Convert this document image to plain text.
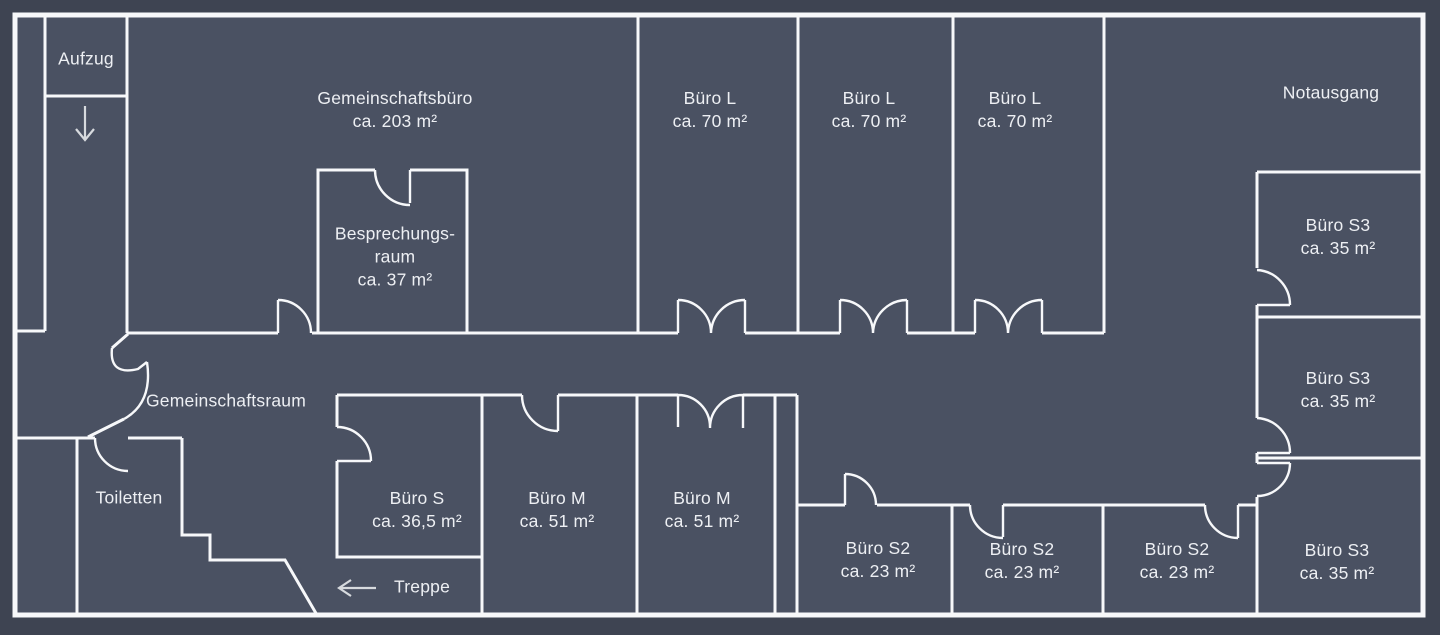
Aufzug
Gemeinschaftsbüro
ca. 203 m²
Büro L
ca. 70 m²
Büro L
ca. 70 m²
Büro L
ca. 70 m²
Notausgang
Besprechungs-
raum
ca. 37 m²
Büro S3
ca. 35 m²
Büro S3
ca. 35 m²
Büro S3
ca. 35 m²
Gemeinschaftsraum
Toiletten	Büro S
ca. 36,5 m²
Büro M
ca. 51 m²
Büro M
ca. 51 m²
Büro S2
ca. 23 m²
Büro S2
ca. 23 m²
Büro S2
ca. 23 m²
Treppe
